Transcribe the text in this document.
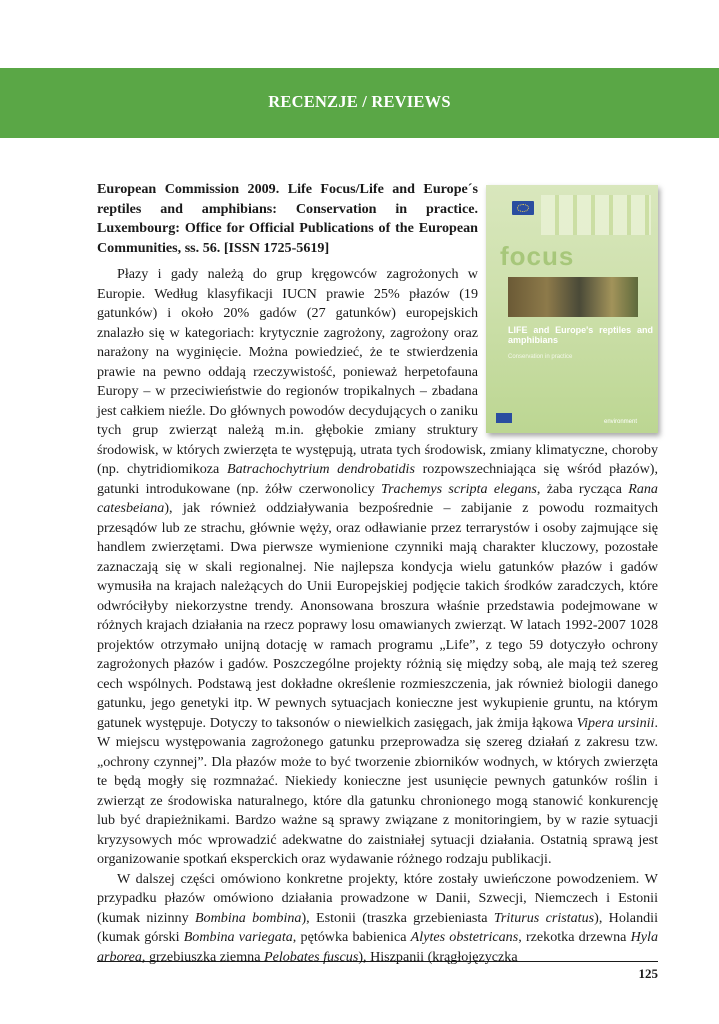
RECENZJE / REVIEWS
focus
LIFE and Europe's reptiles and amphibians
Conservation in practice
environment

European Commission 2009. Life Focus/Life and Europe´s reptiles and amphibians: Conservation in practice. Luxembourg: Office for Official Publications of the European Communities, ss. 56. [ISSN 1725-5619]

Płazy i gady należą do grup kręgowców zagrożonych w Europie. Według klasyfikacji IUCN prawie 25% płazów (19 gatunków) i około 20% gadów (27 gatunków) europejskich znalazło się w kategoriach: krytycznie zagrożony, zagrożony oraz narażony na wyginięcie. Można powiedzieć, że te stwierdzenia prawie na pewno oddają rzeczywistość, ponieważ herpetofauna Europy – w przeciwieństwie do regionów tropikalnych – zbadana jest całkiem nieźle. Do głównych powodów decydujących o zaniku tych grup zwierząt należą m.in. głębokie zmiany struktury środowisk, w których zwierzęta te występują, utrata tych środowisk, zmiany klimatyczne, choroby (np. chytridiomikoza Batrachochytrium dendrobatidis rozpowszechniająca się wśród płazów), gatunki introdukowane (np. żółw czerwonolicy Trachemys scripta elegans, żaba rycząca Rana catesbeiana), jak również oddziaływania bezpośrednie – zabijanie z powodu rozmaitych przesądów lub ze strachu, głównie węży, oraz odławianie przez terrarystów i osoby zajmujące się handlem zwierzętami. Dwa pierwsze wymienione czynniki mają charakter kluczowy, pozostałe zaznaczają się w skali regionalnej. Nie najlepsza kondycja wielu gatunków płazów i gadów wymusiła na krajach należących do Unii Europejskiej podjęcie takich środków zaradczych, które odwróciłyby niekorzystne trendy. Anonsowana broszura właśnie przedstawia podejmowane w różnych krajach działania na rzecz poprawy losu omawianych zwierząt. W latach 1992-2007 1028 projektów otrzymało unijną dotację w ramach programu „Life”, z tego 59 dotyczyło ochrony zagrożonych płazów i gadów. Poszczególne projekty różnią się między sobą, ale mają też szereg cech wspólnych. Podstawą jest dokładne określenie rozmieszczenia, jak również biologii danego gatunku, jego genetyki itp. W pewnych sytuacjach konieczne jest wykupienie gruntu, na którym gatunek występuje. Dotyczy to taksonów o niewielkich zasięgach, jak żmija łąkowa Vipera ursinii. W miejscu występowania zagrożonego gatunku przeprowadza się szereg działań z zakresu tzw. „ochrony czynnej”. Dla płazów może to być tworzenie zbiorników wodnych, w których zwierzęta te będą mogły się rozmnażać. Niekiedy konieczne jest usunięcie pewnych gatunków roślin i zwierząt ze środowiska naturalnego, które dla gatunku chronionego mogą stanowić konkurencję lub być drapieżnikami. Bardzo ważne są sprawy związane z monitoringiem, by w razie sytuacji kryzysowych móc wprowadzić adekwatne do zaistniałej sytuacji działania. Ostatnią sprawą jest organizowanie spotkań eksperckich oraz wydawanie różnego rodzaju publikacji.

W dalszej części omówiono konkretne projekty, które zostały uwieńczone powodzeniem. W przypadku płazów omówiono działania prowadzone w Danii, Szwecji, Niemczech i Estonii (kumak nizinny Bombina bombina), Estonii (traszka grzebieniasta Triturus cristatus), Holandii (kumak górski Bombina variegata, pętówka babienica Alytes obstetricans, rzekotka drzewna Hyla arborea, grzebiuszka ziemna Pelobates fuscus), Hiszpanii (krągłojęzyczka

125
